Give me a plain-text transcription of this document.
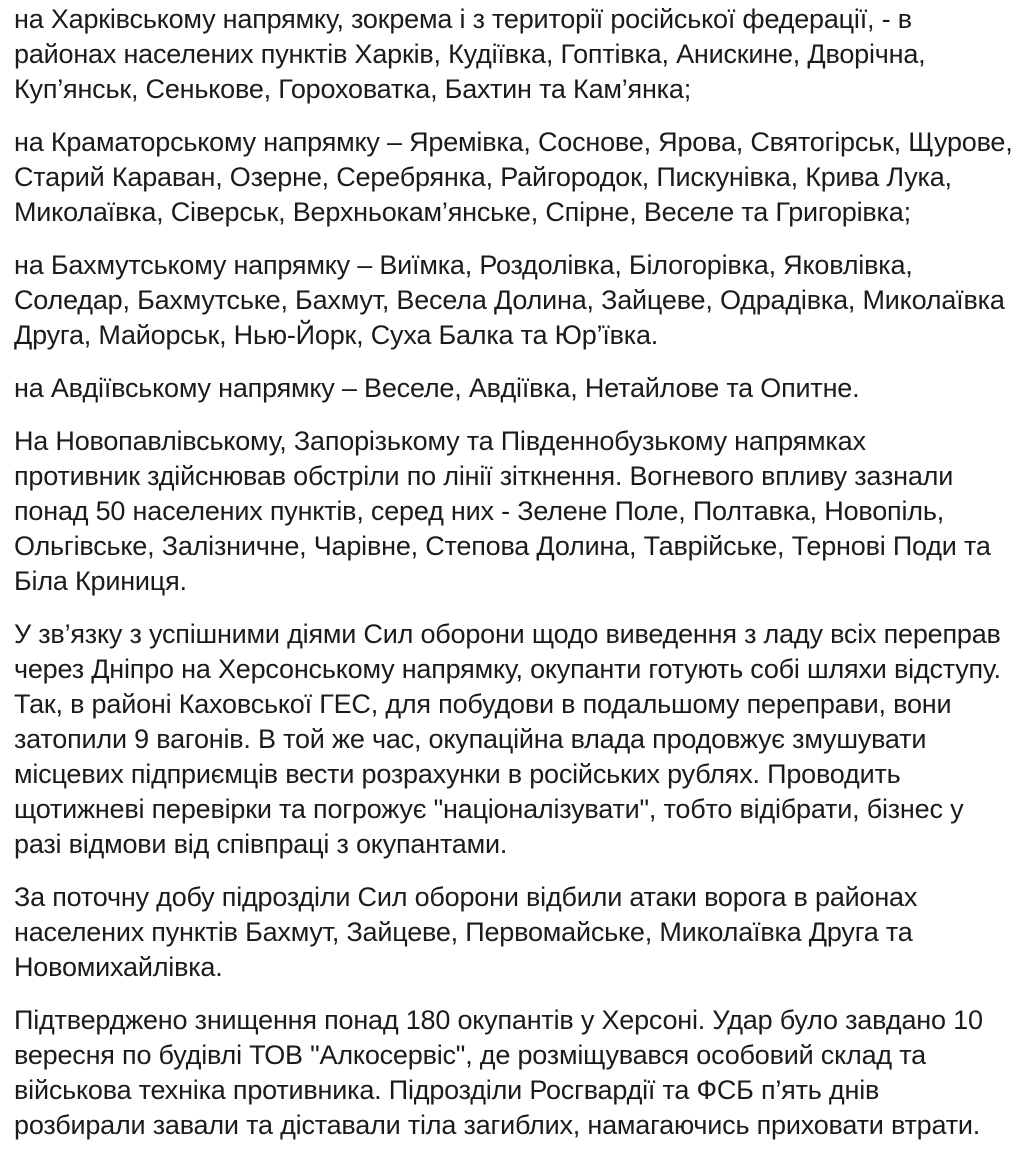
на Харківському напрямку, зокрема і з території російської федерації, - в
районах населених пунктів Харків, Кудіївка, Гоптівка, Анискине, Дворічна,
Куп’янськ, Сенькове, Гороховатка, Бахтин та Кам’янка;

на Краматорському напрямку – Яремівка, Соснове, Ярова, Святогірськ, Щурове,
Старий Караван, Озерне, Серебрянка, Райгородок, Пискунівка, Крива Лука,
Миколаївка, Сіверськ, Верхньокам’янське, Спірне, Веселе та Григорівка;

на Бахмутському напрямку – Виїмка, Роздолівка, Білогорівка, Яковлівка,
Соледар, Бахмутське, Бахмут, Весела Долина, Зайцеве, Одрадівка, Миколаївка
Друга, Майорськ, Нью-Йорк, Суха Балка та Юр’ївка.

на Авдіївському напрямку – Веселе, Авдіївка, Нетайлове та Опитне.

На Новопавлівському, Запорізькому та Південнобузькому напрямках
противник здійснював обстріли по лінії зіткнення. Вогневого впливу зазнали
понад 50 населених пунктів, серед них - Зелене Поле, Полтавка, Новопіль,
Ольгівське, Залізничне, Чарівне, Степова Долина, Таврійське, Тернові Поди та
Біла Криниця.

У зв’язку з успішними діями Сил оборони щодо виведення з ладу всіх переправ
через Дніпро на Херсонському напрямку, окупанти готують собі шляхи відступу.
Так, в районі Каховської ГЕС, для побудови в подальшому переправи, вони
затопили 9 вагонів. В той же час, окупаційна влада продовжує змушувати
місцевих підприємців вести розрахунки в російських рублях. Проводить
щотижневі перевірки та погрожує "націоналізувати", тобто відібрати, бізнес у
разі відмови від співпраці з окупантами.

За поточну добу підрозділи Сил оборони відбили атаки ворога в районах
населених пунктів Бахмут, Зайцеве, Первомайське, Миколаївка Друга та
Новомихайлівка.

Підтверджено знищення понад 180 окупантів у Херсоні. Удар було завдано 10
вересня по будівлі ТОВ "Алкосервіс", де розміщувався особовий склад та
військова техніка противника. Підрозділи Росгвардії та ФСБ п’ять днів
розбирали завали та діставали тіла загиблих, намагаючись приховати втрати.
